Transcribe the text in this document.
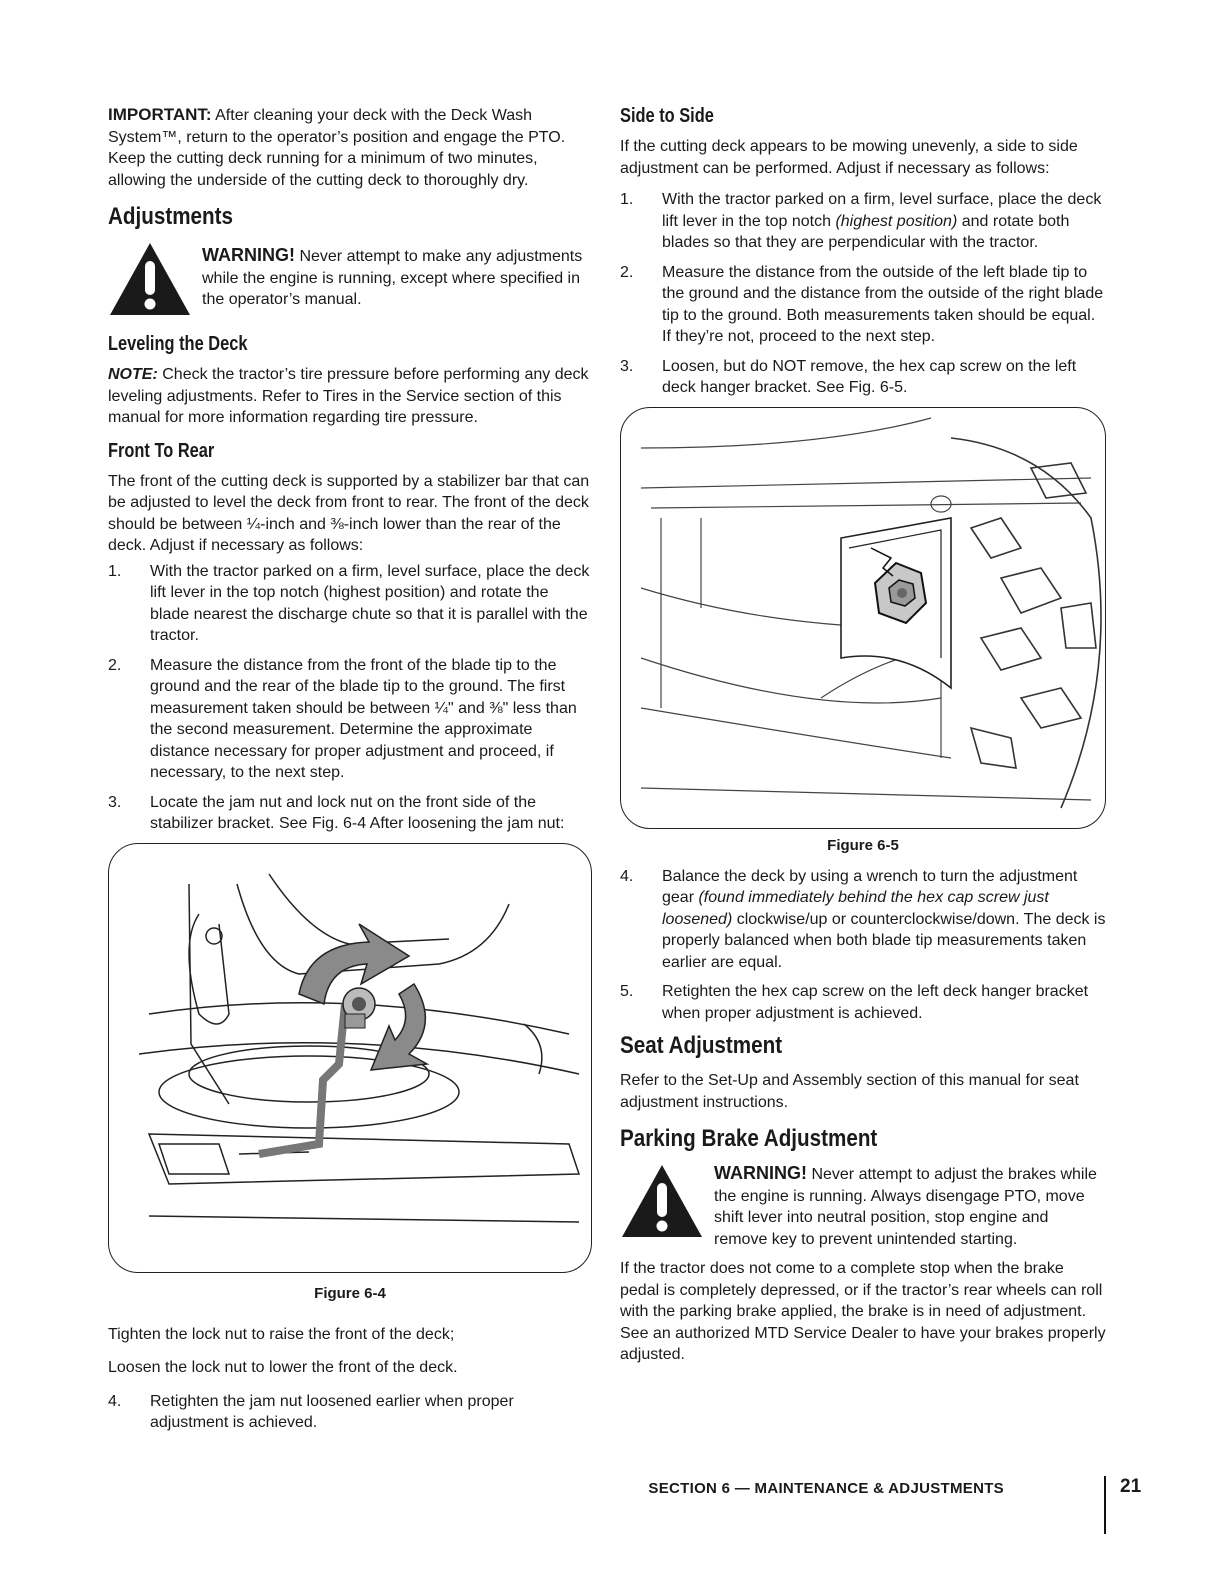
IMPORTANT: After cleaning your deck with the Deck Wash System™, return to the operator’s position and engage the PTO. Keep the cutting deck running for a minimum of two minutes, allowing the underside of the cutting deck to thoroughly dry.

Adjustments
WARNING! Never attempt to make any adjustments while the engine is running, except where specified in the operator’s manual.
Leveling the Deck

NOTE: Check the tractor’s tire pressure before performing any deck leveling adjustments. Refer to Tires in the Service section of this manual for more information regarding tire pressure.

Front To Rear

The front of the cutting deck is supported by a stabilizer bar that can be adjusted to level the deck from front to rear. The front of the deck should be between ¼-inch and ⅜-inch lower than the rear of the deck. Adjust if necessary as follows:

1.	With the tractor parked on a firm, level surface, place the deck lift lever in the top notch (highest position) and rotate the blade nearest the discharge chute so that it is parallel with the tractor.
2.	Measure the distance from the front of the blade tip to the ground and the rear of the blade tip to the ground. The first measurement taken should be between ¼" and ⅜" less than the second measurement. Determine the approximate distance necessary for proper adjustment and proceed, if necessary, to the next step.
3.	Locate the jam nut and lock nut on the front side of the stabilizer bracket. See Fig. 6-4 After loosening the jam nut:
Figure 6-4

Tighten the lock nut to raise the front of the deck;

Loosen the lock nut to lower the front of the deck.

4.	Retighten the jam nut loosened earlier when proper adjustment is achieved.
Side to Side

If the cutting deck appears to be mowing unevenly, a side to side adjustment can be performed. Adjust if necessary as follows:

1.	With the tractor parked on a firm, level surface, place the deck lift lever in the top notch (highest position) and rotate both blades so that they are perpendicular with the tractor.
2.	Measure the distance from the outside of the left blade tip to the ground and the distance from the outside of the right blade tip to the ground. Both measurements taken should be equal. If they’re not, proceed to the next step.
3.	Loosen, but do NOT remove, the hex cap screw on the left deck hanger bracket. See Fig. 6-5.
Figure 6-5
4.	Balance the deck by using a wrench to turn the adjustment gear (found immediately behind the hex cap screw just loosened) clockwise/up or counterclockwise/down. The deck is properly balanced when both blade tip measurements taken earlier are equal.
5.	Retighten the hex cap screw on the left deck hanger bracket when proper adjustment is achieved.
Seat Adjustment

Refer to the Set-Up and Assembly section of this manual for seat adjustment instructions.

Parking Brake Adjustment
WARNING! Never attempt to adjust the brakes while the engine is running. Always disengage PTO, move shift lever into neutral position, stop engine and remove key to prevent unintended starting.

If the tractor does not come to a complete stop when the brake pedal is completely depressed, or if the tractor’s rear wheels can roll with the parking brake applied, the brake is in need of adjustment. See an authorized MTD Service Dealer to have your brakes properly adjusted.

SECTION 6 — MAINTENANCE & ADJUSTMENTS	21
